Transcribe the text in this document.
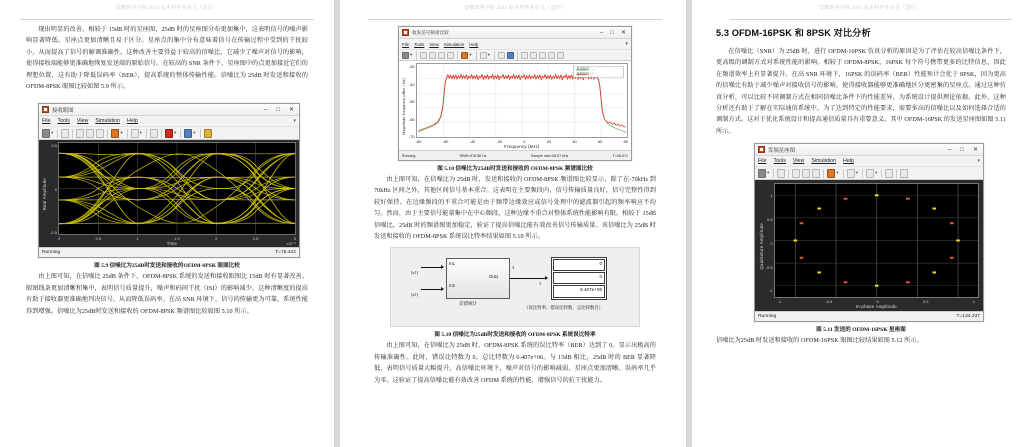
安徽新华学院 2025 届本科毕业论文（设计）

现出明显的改善。相较于 15dB 时的星座图，25dB 时的星座图分布更加集中，这表明信号的噪声影响显著降低。星座点更加清晰且易于区分。星座点的集中分布意味着信号在传输过程中受到的干扰较小，从而提高了信号的解调准确性。这种改善主要得益于较高的信噪比，它减少了噪声对信号的影响，使得接收端能够更准确地恢复发送端的原始信号。在较高的 SNR 条件下，星座图中的点更加接近它们的理想位置，这有助于降低误码率（BER），提高系统的整体传输性能。信噪比为 25dB 时发送和接收的 OFDM-8PSK 眼图比较如图 5.9 所示。

接收眼图	– □ ✕
File Tools View Simulation Help	▾
▾	▾	▾	▾	▾
Real Amplitude
0.5
0
-0.5
0	0.5	1	1.5	2	2.5	3
Time	×10⁻⁵
Running	T=78.422
图 5.9 信噪比为25dB时发送和接收的OFDM-8PSK 眼图比较

由上图可知，在信噪比 25dB 条件下，OFDM-8PSK 系统的发送和接收眼图比 15dB 时有显著改善。眼图线条更加清晰和集中，表明信号质量提升，噪声和码间干扰（ISI）的影响减少。这种清晰度的提高有助于接收器更准确地判决信号，从而降低误码率。在高 SNR 环境下，信号的传输更为可靠，系统性能得到增强。信噪比为25dB时发送和接收的 OFDM-8PSK 频谱图比较如图 5.10 所示。

安徽新华学院 2025 届本科毕业论文（设计）
收发信号频谱比较	– □ ✕
File Tools View Simulation Help	▾
▾	▾	▾
Magnitude-frequency (dBm / Hz)
-30
-40
-50
-60
-70
···
···
发送信号
接收信号
-80	-60	-40	-20	0	20	40	60	80
Frequency (kHz)
Running	RBW=976.56 Hz	Sample rate=58.67 kHz	T=98.571
图 5.10 信噪比为25dB时发送和接收的 OFDM-8PSK 频谱图比较

由上图可知，在信噪比为 25dB 时，发送和接收的 OFDM-8PSK 频谱图比较显示，除了在-70kHz 到 70kHz 区间之外，其他区间信号基本重合。这表明在主要频段内，信号传输质量良好，信号完整性得到较好保持。在边缘频段的不重合可能是由于频带边缘效应或信号处理中的滤波器引起的频率响应不均匀。然而，由于主要信号能量集中在中心频段，这种边缘不重合对整体系统性能影响有限。相较于 15dB 信噪比，25dB 时的频谱图更加稳定，验证了提高信噪比能有效改善信号传输质量。该信噪比为 25dB 时发送和接收的 OFDM-8PSK 系统误比特率结果如图 5.10 所示。

]x1]
]x1]
In1
In2
Out1
差错统计
3
3
0
0
6.407e+06
（误比特率、错误比特数、总比特数目）
图 5.10 信噪比为25dB时发送和接收的 OFDM-8PSK 系统误比特率

由上图可知，在信噪比为 25dB 时，OFDM-8PSK 系统的误比特率（BER）达到了 0。显示出极高的传输准确性。此时，错误比特数为 0，总比特数为 6.407e+06。与 15dB 相比，25dB 时的 BER 显著降低，表明信号质量大幅提升，高信噪比环境下，噪声对信号的影响减弱，星座点更加清晰。误码率几乎为零。这验证了提高信噪比能有效改善 OFDM 系统的性能，增强信号的抗干扰能力。

安徽新华学院 2025 届本科毕业论文（设计）
5.3 OFDM-16PSK 和 8PSK 对比分析

在信噪比（SNR）为 25dB 时，进行 OFDM-16PSK 仿真分析的原因是为了评估在较高信噪比条件下，更高级的调制方式对系统性能的影响。相较于 OFDM-8PSK，16PSK 每个符号携带更多的比特信息，因此在频谱效率上有显著提升。在高 SNR 环境下，16PSK 的误码率（BER）性能预计会优于 8PSK，因为更高的信噪比有助于减少噪声对接收信号的影响，使得接收器能够更准确地区分更密集的星座点。通过这种仿真分析，可以比较不同调制方式在相同信噪比条件下的性能差异，为系统设计提供理论依据。此外，这种分析还有助于了解在实际通信系统中，为了达到特定的性能要求，需要多高的信噪比以及如何选择合适的调制方式。这对于优化系统设计和提高通信质量具有重要意义。其中 OFDM-16PSK 的发送星座图如图 5.11 所示。

发端星座图	– □ ✕
File Tools View Simulation Help	▾
▾	▾	▾	▾
Quadrature Amplitude
1
0.5
0
-0.5
-1
-1	-0.5	0	0.5	1
In-phase Amplitude
Running	T=134.237
图 5.11 发送的 OFDM-16PSK 星座图

信噪比为25dB 时发送和接收的 OFDM-16PSK 眼图比较结果如图 5.12 所示。
